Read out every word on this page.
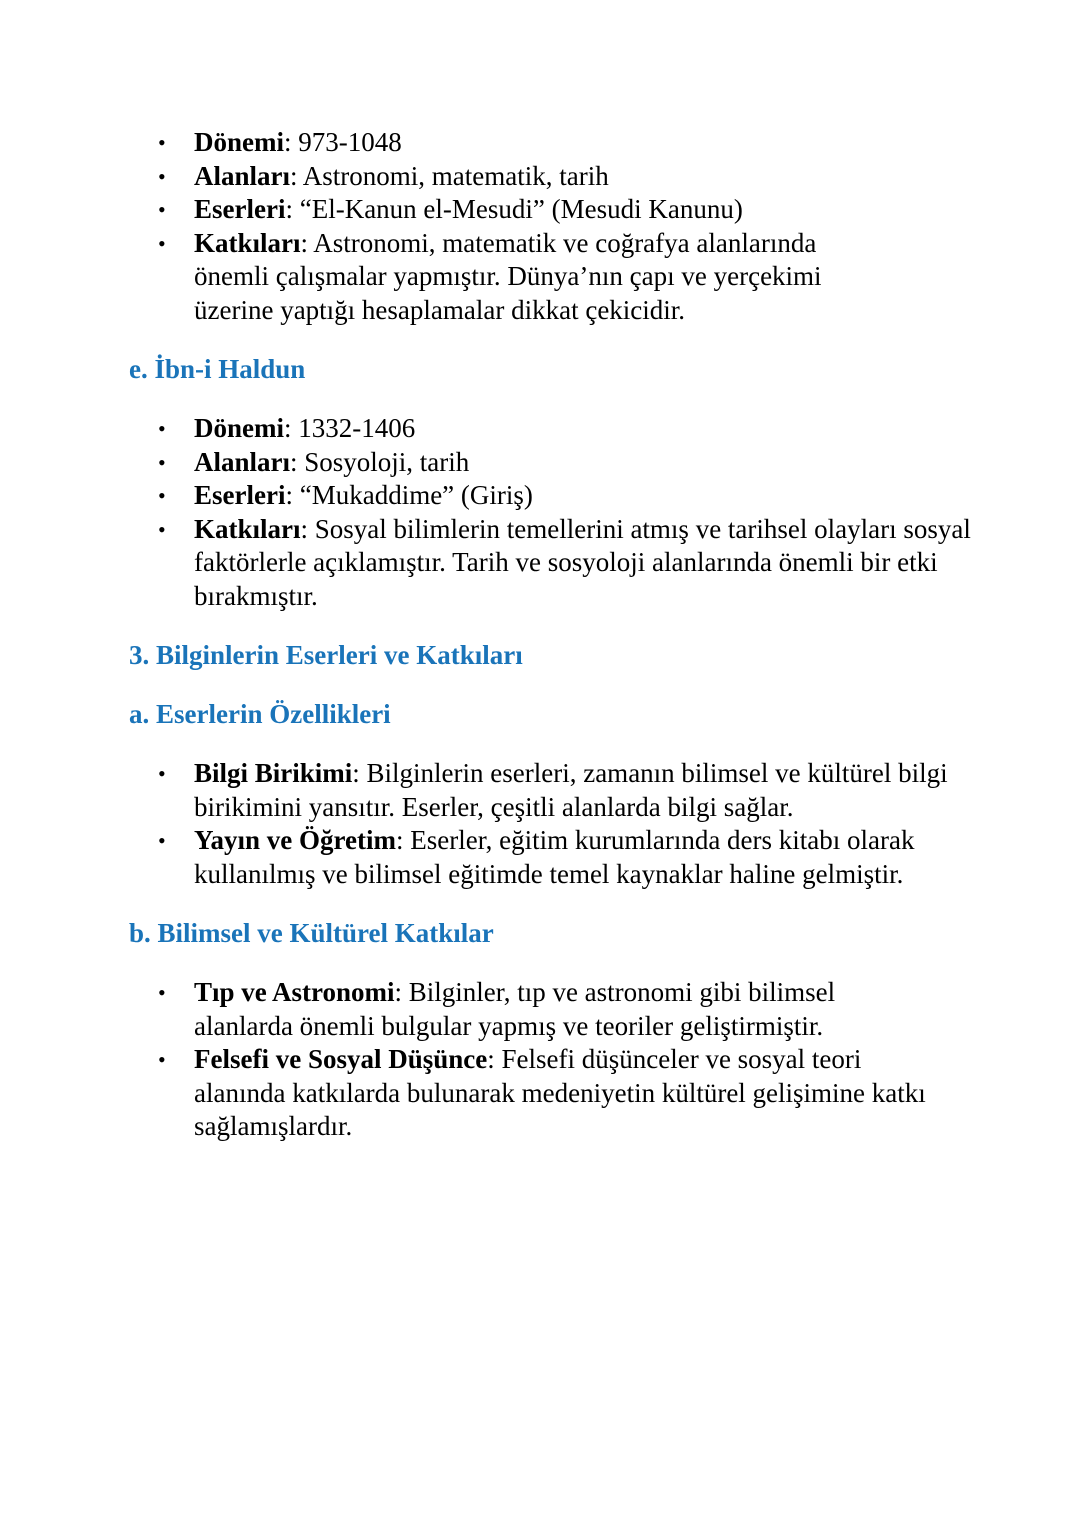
• Dönemi: 973-1048
• Alanları: Astronomi, matematik, tarih
• Eserleri: “El-Kanun el-Mesudi” (Mesudi Kanunu)
• Katkıları: Astronomi, matematik ve coğrafya alanlarında önemli çalışmalar yapmıştır. Dünya’nın çapı ve yerçekimi üzerine yaptığı hesaplamalar dikkat çekicidir.
e. İbn-i Haldun
• Dönemi: 1332-1406
• Alanları: Sosyoloji, tarih
• Eserleri: “Mukaddime” (Giriş)
• Katkıları: Sosyal bilimlerin temellerini atmış ve tarihsel olayları sosyal faktörlerle açıklamıştır. Tarih ve sosyoloji alanlarında önemli bir etki bırakmıştır.
3. Bilginlerin Eserleri ve Katkıları
a. Eserlerin Özellikleri
• Bilgi Birikimi: Bilginlerin eserleri, zamanın bilimsel ve kültürel bilgi birikimini yansıtır. Eserler, çeşitli alanlarda bilgi sağlar.
• Yayın ve Öğretim: Eserler, eğitim kurumlarında ders kitabı olarak kullanılmış ve bilimsel eğitimde temel kaynaklar haline gelmiştir.
b. Bilimsel ve Kültürel Katkılar
• Tıp ve Astronomi: Bilginler, tıp ve astronomi gibi bilimsel alanlarda önemli bulgular yapmış ve teoriler geliştirmiştir.
• Felsefi ve Sosyal Düşünce: Felsefi düşünceler ve sosyal teori alanında katkılarda bulunarak medeniyetin kültürel gelişimine katkı sağlamışlardır.
